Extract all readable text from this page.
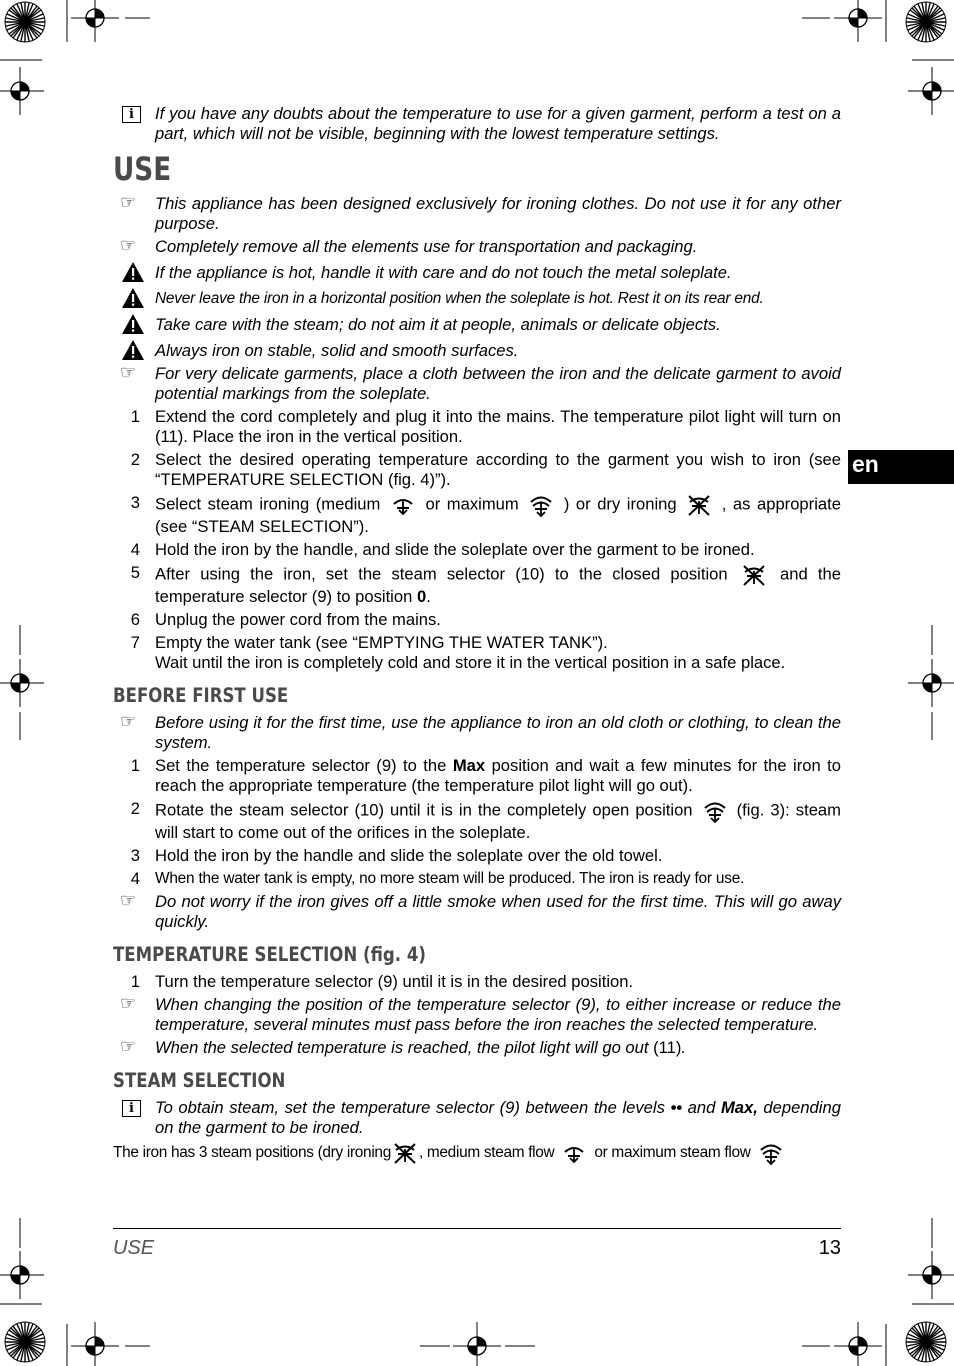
en
i	If you have any doubts about the temperature to use for a given garment, perform a test on a part, which will not be visible, beginning with the lowest temperature settings.
USE
☞ This appliance has been designed exclusively for ironing clothes. Do not use it for any other purpose.
☞ Completely remove all the elements use for transportation and packaging.
If the appliance is hot, handle it with care and do not touch the metal soleplate.
Never leave the iron in a horizontal position when the soleplate is hot. Rest it on its rear end.
Take care with the steam; do not aim it at people, animals or delicate objects.
Always iron on stable, solid and smooth surfaces.
☞ For very delicate garments, place a cloth between the iron and the delicate garment to avoid potential markings from the soleplate.
1 Extend the cord completely and plug it into the mains. The temperature pilot light will turn on (11). Place the iron in the vertical position.
2 Select the desired operating temperature according to the garment you wish to iron (see “TEMPERATURE SELECTION (fig. 4)”).
3 Select steam ironing (medium	or maximum	) or dry ironing	, as appropriate (see “STEAM SELECTION”).
4 Hold the iron by the handle, and slide the soleplate over the garment to be ironed.
5 After using the iron, set the steam selector (10) to the closed position	and the temperature selector (9) to position 0.
6 Unplug the power cord from the mains.
7 Empty the water tank (see “EMPTYING THE WATER TANK”).
Wait until the iron is completely cold and store it in the vertical position in a safe place.
BEFORE FIRST USE
☞ Before using it for the first time, use the appliance to iron an old cloth or clothing, to clean the system.
1 Set the temperature selector (9) to the Max position and wait a few minutes for the iron to reach the appropriate temperature (the temperature pilot light will go out).
2 Rotate the steam selector (10) until it is in the completely open position	(fig. 3): steam will start to come out of the orifices in the soleplate.
3 Hold the iron by the handle and slide the soleplate over the old towel.
4 When the water tank is empty, no more steam will be produced. The iron is ready for use.
☞ Do not worry if the iron gives off a little smoke when used for the first time. This will go away quickly.
TEMPERATURE SELECTION (fig. 4)
1 Turn the temperature selector (9) until it is in the desired position.
☞ When changing the position of the temperature selector (9), to either increase or reduce the temperature, several minutes must pass before the iron reaches the selected temperature.
☞ When the selected temperature is reached, the pilot light will go out (11).
STEAM SELECTION
i	To obtain steam, set the temperature selector (9) between the levels •• and Max, depending on the garment to be ironed.
The iron has 3 steam positions (dry ironing , medium steam flow	or maximum steam flow
USE	13
